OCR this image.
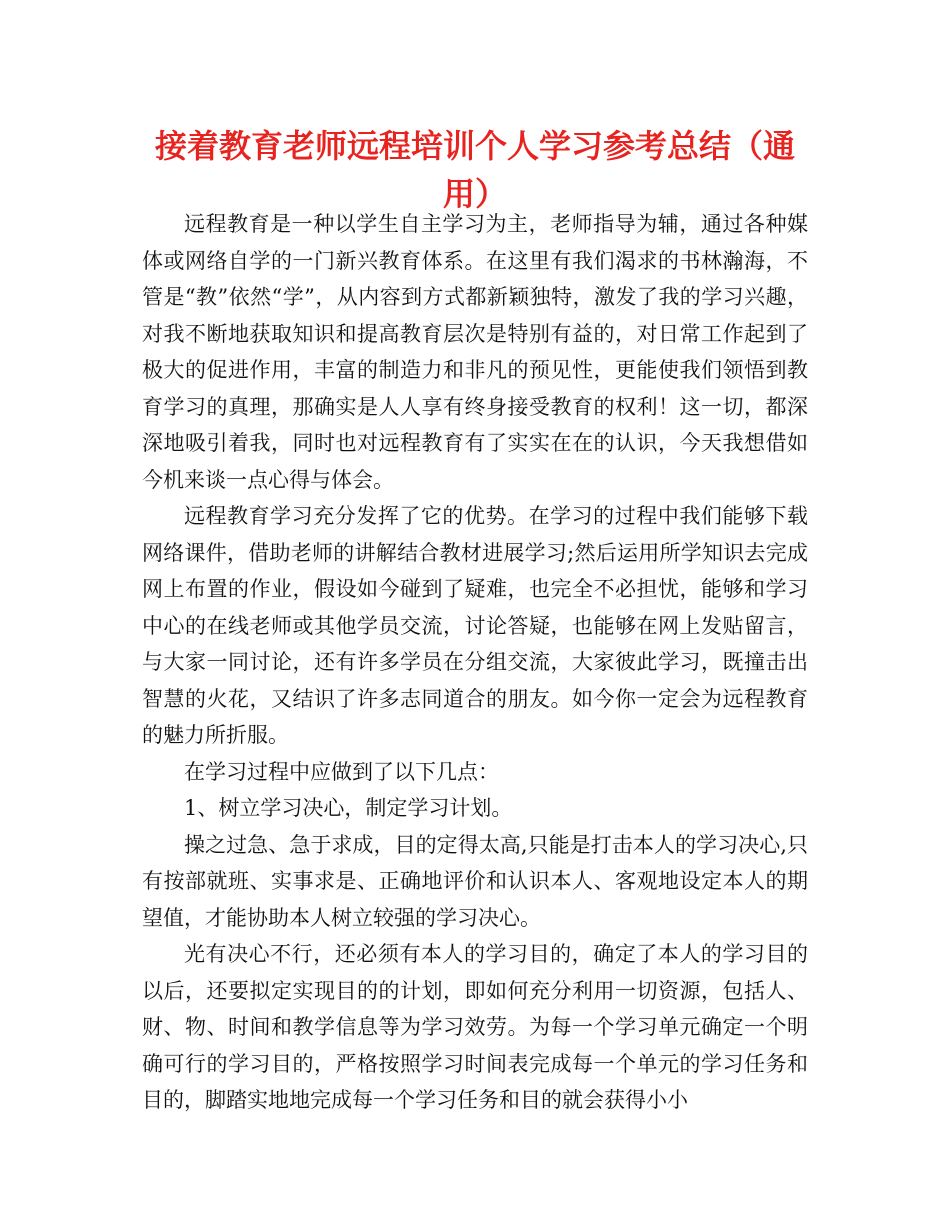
接着教育老师远程培训个人学习参考总结（通用）

远程教育是一种以学生自主学习为主，老师指导为辅，通过各种媒体或网络自学的一门新兴教育体系。在这里有我们渴求的书林瀚海，不管是“教”依然“学”，从内容到方式都新颖独特，激发了我的学习兴趣，对我不断地获取知识和提高教育层次是特别有益的，对日常工作起到了极大的促进作用，丰富的制造力和非凡的预见性，更能使我们领悟到教育学习的真理，那确实是人人享有终身接受教育的权利！这一切，都深深地吸引着我，同时也对远程教育有了实实在在的认识，今天我想借如今机来谈一点心得与体会。

远程教育学习充分发挥了它的优势。在学习的过程中我们能够下载网络课件，借助老师的讲解结合教材进展学习;然后运用所学知识去完成网上布置的作业，假设如今碰到了疑难，也完全不必担忧，能够和学习中心的在线老师或其他学员交流，讨论答疑，也能够在网上发贴留言，与大家一同讨论，还有许多学员在分组交流，大家彼此学习，既撞击出智慧的火花，又结识了许多志同道合的朋友。如今你一定会为远程教育的魅力所折服。

在学习过程中应做到了以下几点：

1、树立学习决心，制定学习计划。

操之过急、急于求成，目的定得太高,只能是打击本人的学习决心,只有按部就班、实事求是、正确地评价和认识本人、客观地设定本人的期望值，才能协助本人树立较强的学习决心。

光有决心不行，还必须有本人的学习目的，确定了本人的学习目的以后，还要拟定实现目的的计划，即如何充分利用一切资源，包括人、财、物、时间和教学信息等为学习效劳。为每一个学习单元确定一个明确可行的学习目的，严格按照学习时间表完成每一个单元的学习任务和目的，脚踏实地地完成每一个学习任务和目的就会获得小小
